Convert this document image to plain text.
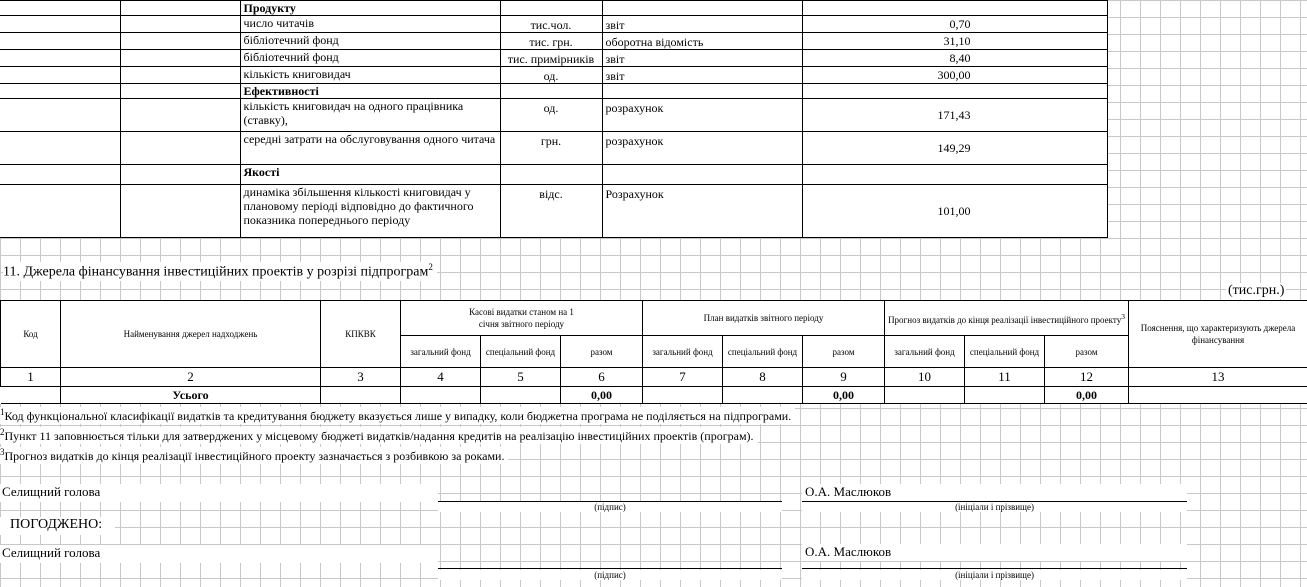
		Продукту			
		число читачів	тис.чол.	звіт	0,70
		бібліотечний фонд	тис. грн.	оборотна відомість	31,10
		бібліотечний фонд	тис. примірників	звіт	8,40
		кількість книговидач	од.	звіт	300,00
		Ефективності			
		кількість книговидач на одного працівника (ставку),	од.	розрахунок	171,43
		середні затрати на обслуговування одного читача	грн.	розрахунок	149,29
		Якості			
		динаміка збільшення кількості книговидач у плановому періоді відповідно до фактичного показника попереднього періоду	відс.	Розрахунок	101,00
11. Джерела фінансування інвестиційних проектів у розрізі підпрограм$^2$
(тис.грн.)
Код	Найменування джерел надходжень	КПКВК	Касові видатки станом на 1 січня звітного періоду			План видатків звітного періоду			Прогноз видатків до кінця реалізації інвестиційного проекту$^3$			Пояснення, що характеризують джерела фінансування
			загальний фонд	спеціальний фонд	разом	загальний фонд	спеціальний фонд	разом	загальний фонд	спеціальний фонд	разом	
1	2	3	4	5	6	7	8	9	10	11	12	13
	Усього				0,00			0,00			0,00	
$^1$Код функціональної класифікації видатків та кредитування бюджету вказується лише у випадку, коли бюджетна програма не поділяється на підпрограми.
$^2$Пункт 11 заповнюється тільки для затверджених у місцевому бюджеті видатків/надання кредитів на реалізацію інвестиційних проектів (програм).
$^3$Прогноз видатків до кінця реалізації інвестиційного проекту зазначається з розбивкою за роками.
Селищний голова
(підпис)
О.А. Маслюков
(ініціали і прізвище)
ПОГОДЖЕНО:
Селищний голова
(підпис)
О.А. Маслюков
(ініціали і прізвище)
